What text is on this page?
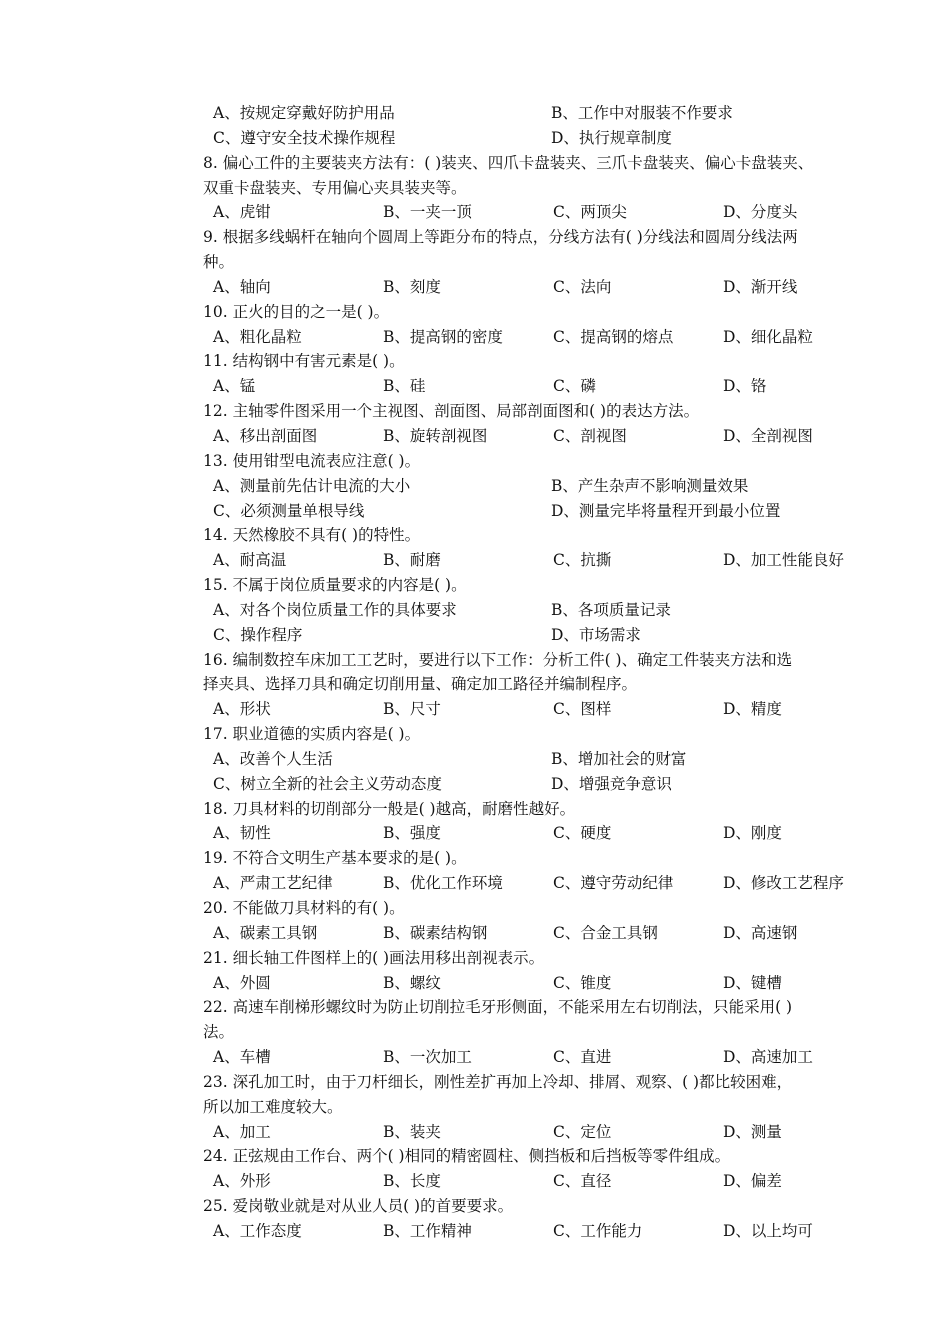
A、按规定穿戴好防护用品	B、工作中对服装不作要求
C、遵守安全技术操作规程	D、执行规章制度
8. 偏心工件的主要装夹方法有：( )装夹、四爪卡盘装夹、三爪卡盘装夹、偏心卡盘装夹、
双重卡盘装夹、专用偏心夹具装夹等。
A、虎钳	B、一夹一顶	C、两顶尖	D、分度头
9. 根据多线蜗杆在轴向个圆周上等距分布的特点，分线方法有( )分线法和圆周分线法两
种。
A、轴向	B、刻度	C、法向	D、渐开线
10. 正火的目的之一是( )。
A、粗化晶粒	B、提高钢的密度	C、提高钢的熔点	D、细化晶粒
11. 结构钢中有害元素是( )。
A、锰	B、硅	C、磷	D、铬
12. 主轴零件图采用一个主视图、剖面图、局部剖面图和( )的表达方法。
A、移出剖面图	B、旋转剖视图	C、剖视图	D、全剖视图
13. 使用钳型电流表应注意( )。
A、测量前先估计电流的大小	B、产生杂声不影响测量效果
C、必须测量单根导线	D、测量完毕将量程开到最小位置
14. 天然橡胶不具有( )的特性。
A、耐高温	B、耐磨	C、抗撕	D、加工性能良好
15. 不属于岗位质量要求的内容是( )。
A、对各个岗位质量工作的具体要求	B、各项质量记录
C、操作程序	D、市场需求
16. 编制数控车床加工工艺时，要进行以下工作：分析工件( )、确定工件装夹方法和选
择夹具、选择刀具和确定切削用量、确定加工路径并编制程序。
A、形状	B、尺寸	C、图样	D、精度
17. 职业道德的实质内容是( )。
A、改善个人生活	B、增加社会的财富
C、树立全新的社会主义劳动态度	D、增强竞争意识
18. 刀具材料的切削部分一般是( )越高，耐磨性越好。
A、韧性	B、强度	C、硬度	D、刚度
19. 不符合文明生产基本要求的是( )。
A、严肃工艺纪律	B、优化工作环境	C、遵守劳动纪律	D、修改工艺程序
20. 不能做刀具材料的有( )。
A、碳素工具钢	B、碳素结构钢	C、合金工具钢	D、高速钢
21. 细长轴工件图样上的( )画法用移出剖视表示。
A、外圆	B、螺纹	C、锥度	D、键槽
22. 高速车削梯形螺纹时为防止切削拉毛牙形侧面，不能采用左右切削法，只能采用( )
法。
A、车槽	B、一次加工	C、直进	D、高速加工
23. 深孔加工时，由于刀杆细长，刚性差扩再加上冷却、排屑、观察、( )都比较困难，
所以加工难度较大。
A、加工	B、装夹	C、定位	D、测量
24. 正弦规由工作台、两个( )相同的精密圆柱、侧挡板和后挡板等零件组成。
A、外形	B、长度	C、直径	D、偏差
25. 爱岗敬业就是对从业人员( )的首要要求。
A、工作态度	B、工作精神	C、工作能力	D、以上均可
